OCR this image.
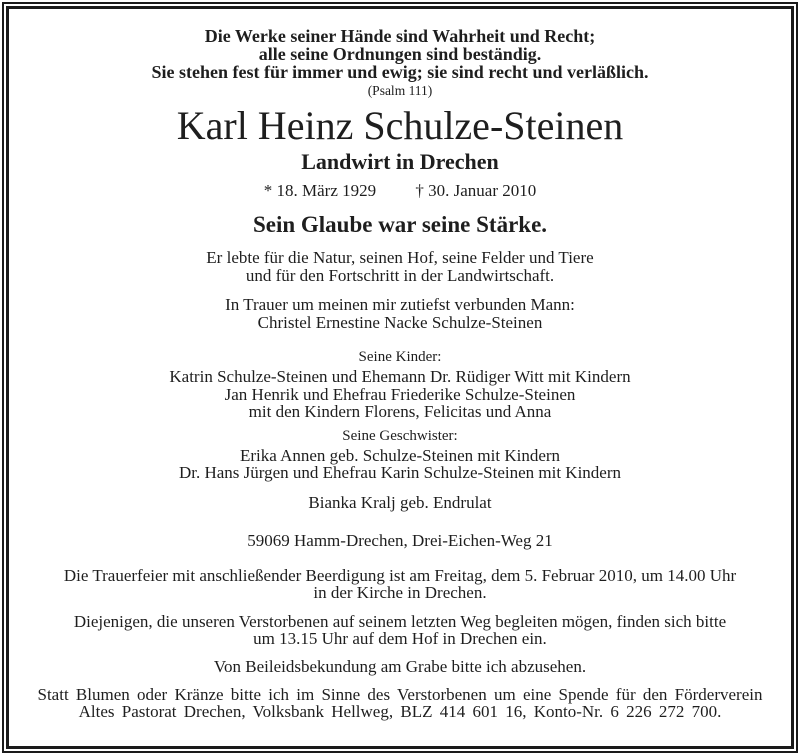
Die Werke seiner Hände sind Wahrheit und Recht;
alle seine Ordnungen sind beständig.
Sie stehen fest für immer und ewig; sie sind recht und verläßlich.
(Psalm 111)
Karl Heinz Schulze-Steinen
Landwirt in Drechen
* 18. März 1929 † 30. Januar 2010
Sein Glaube war seine Stärke.
Er lebte für die Natur, seinen Hof, seine Felder und Tiere
und für den Fortschritt in der Landwirtschaft.
In Trauer um meinen mir zutiefst verbunden Mann:
Christel Ernestine Nacke Schulze-Steinen
Seine Kinder:
Katrin Schulze-Steinen und Ehemann Dr. Rüdiger Witt mit Kindern
Jan Henrik und Ehefrau Friederike Schulze-Steinen
mit den Kindern Florens, Felicitas und Anna
Seine Geschwister:
Erika Annen geb. Schulze-Steinen mit Kindern
Dr. Hans Jürgen und Ehefrau Karin Schulze-Steinen mit Kindern
Bianka Kralj geb. Endrulat
59069 Hamm-Drechen, Drei-Eichen-Weg 21
Die Trauerfeier mit anschließender Beerdigung ist am Freitag, dem 5. Februar 2010, um 14.00 Uhr
in der Kirche in Drechen.
Diejenigen, die unseren Verstorbenen auf seinem letzten Weg begleiten mögen, finden sich bitte
um 13.15 Uhr auf dem Hof in Drechen ein.
Von Beileidsbekundung am Grabe bitte ich abzusehen.
Statt Blumen oder Kränze bitte ich im Sinne des Verstorbenen um eine Spende für den Förderverein
Altes Pastorat Drechen, Volksbank Hellweg, BLZ 414 601 16, Konto-Nr. 6 226 272 700.
